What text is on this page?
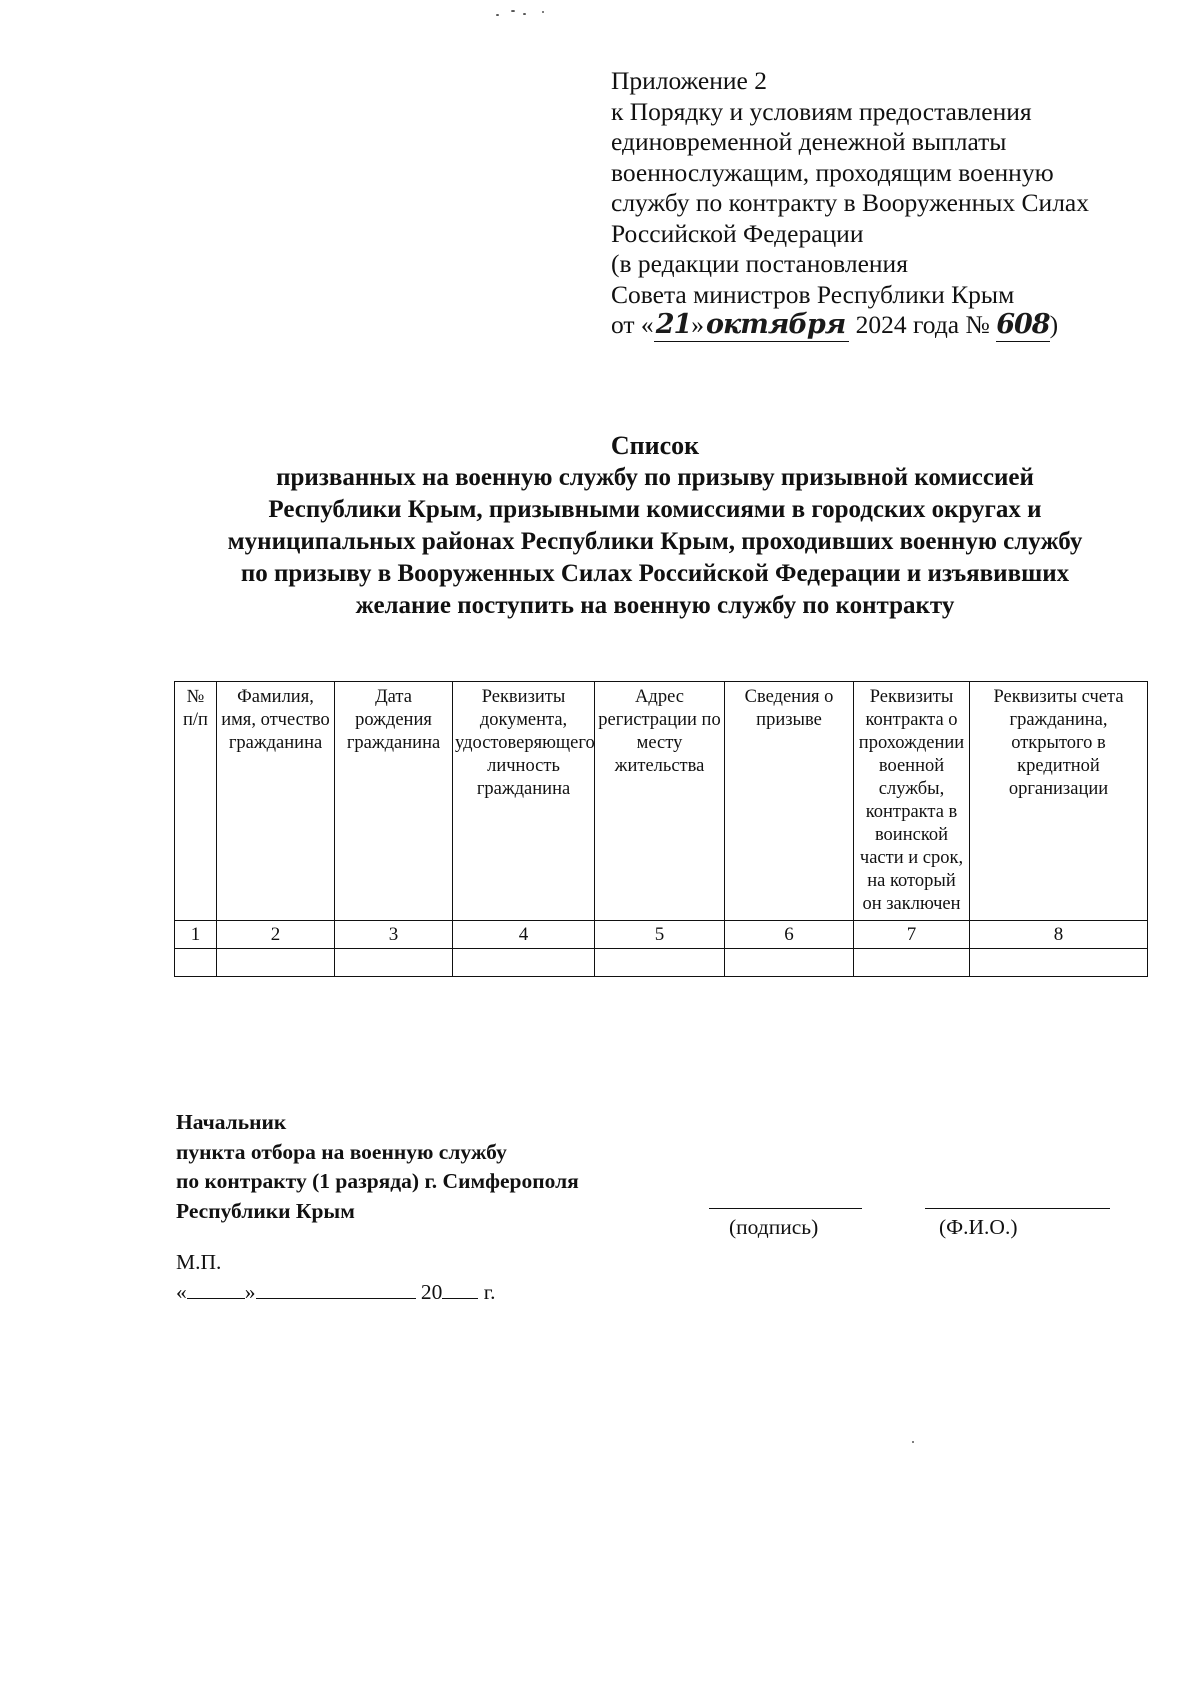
Приложение 2
к Порядку и условиям предоставления
единовременной денежной выплаты
военнослужащим, проходящим военную
службу по контракту в Вооруженных Силах
Российской Федерации
(в редакции постановления
Совета министров Республики Крым
от «21»октября 2024 года № 608)
Список
призванных на военную службу по призыву призывной комиссией
Республики Крым, призывными комиссиями в городских округах и
муниципальных районах Республики Крым, проходивших военную службу
по призыву в Вооруженных Силах Российской Федерации и изъявивших
желание поступить на военную службу по контракту
№ п/п	Фамилия, имя, отчество гражданина	Дата рождения гражданина	Реквизиты документа, удостоверяющего личность гражданина	Адрес регистрации по месту жительства	Сведения о призыве	Реквизиты контракта о прохождении военной службы, контракта в воинской части и срок, на который он заключен	Реквизиты счета гражданина, открытого в кредитной организации
1	2	3	4	5	6	7	8

Начальник
пункта отбора на военную службу
по контракту (1 разряда) г. Симферополя
Республики Крым
(подпись)	(Ф.И.О.)
М.П.
«	»	20 г.
